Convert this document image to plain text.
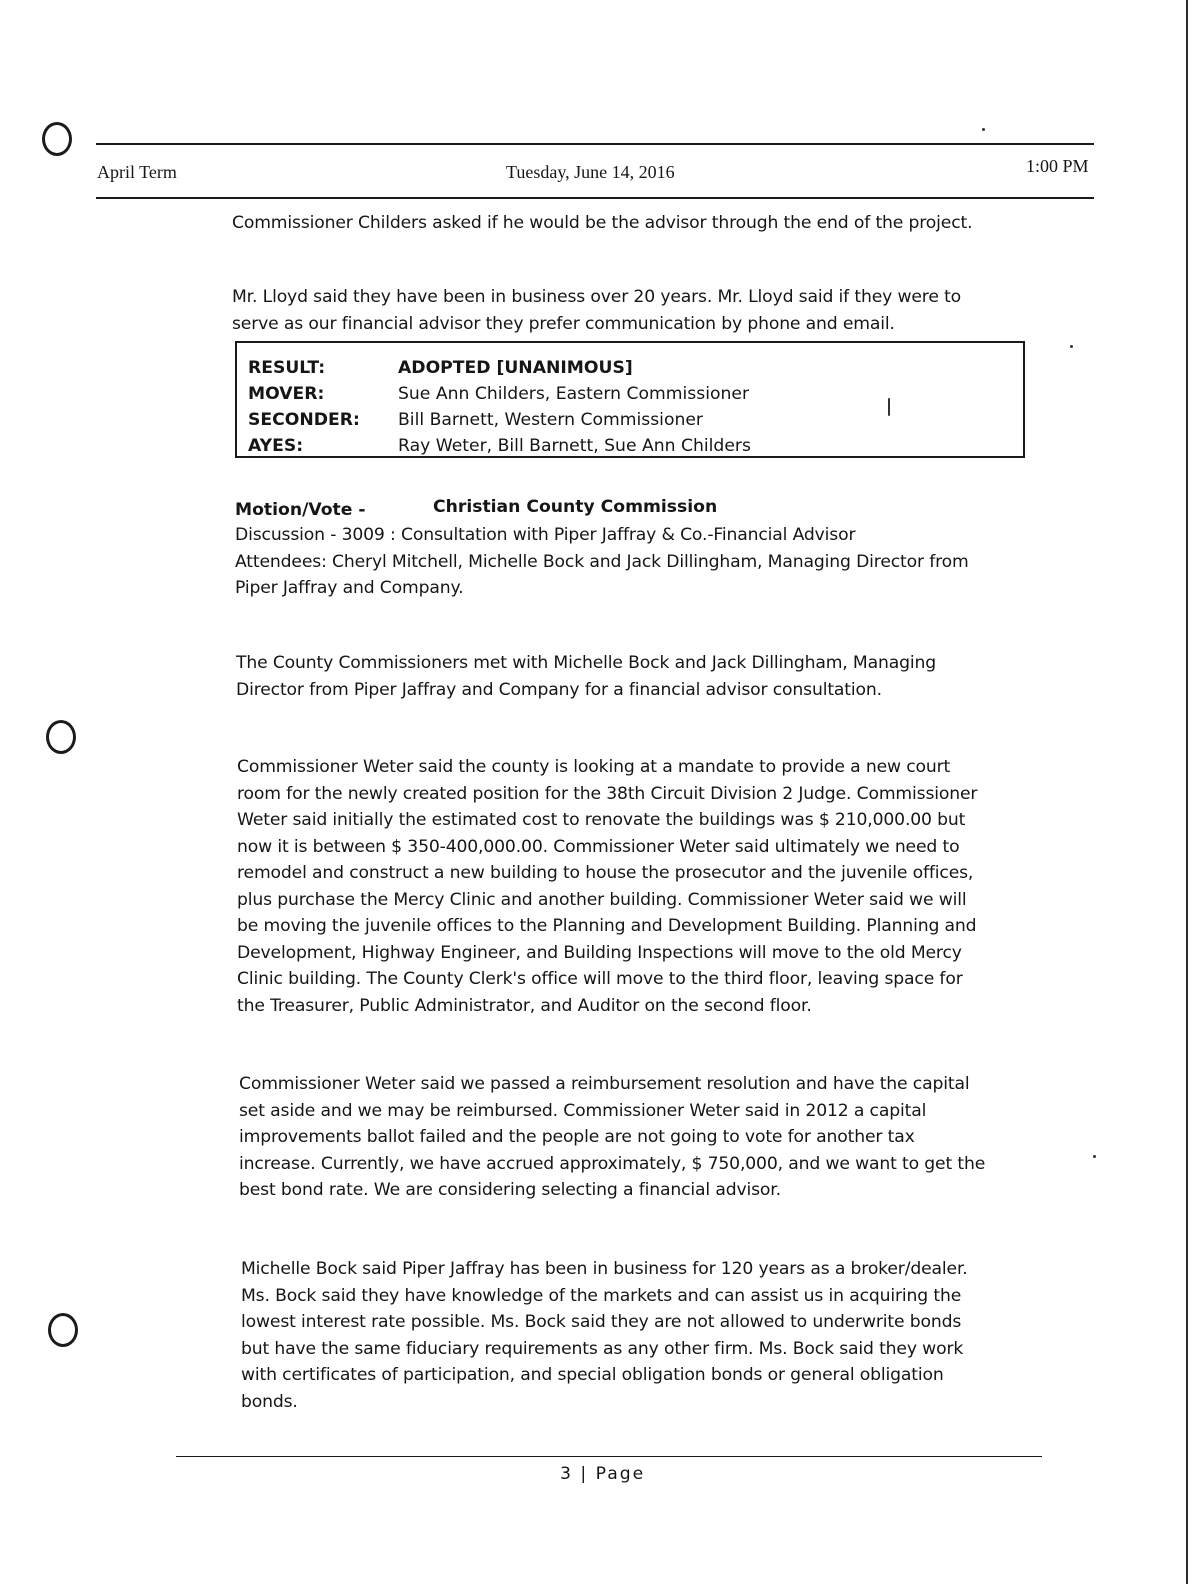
April Term	Tuesday, June 14, 2016	1:00 PM
Commissioner Childers asked if he would be the advisor through the end of the project.
Mr. Lloyd said they have been in business over 20 years. Mr. Lloyd said if they were to
serve as our financial advisor they prefer communication by phone and email.
RESULT:	ADOPTED [UNANIMOUS]
MOVER:	Sue Ann Childers, Eastern Commissioner
SECONDER: Bill Barnett, Western Commissioner
AYES:	Ray Weter, Bill Barnett, Sue Ann Childers
Motion/Vote -	Christian County Commission
Discussion - 3009 : Consultation with Piper Jaffray & Co.-Financial Advisor
Attendees: Cheryl Mitchell, Michelle Bock and Jack Dillingham, Managing Director from
Piper Jaffray and Company.
The County Commissioners met with Michelle Bock and Jack Dillingham, Managing
Director from Piper Jaffray and Company for a financial advisor consultation.
Commissioner Weter said the county is looking at a mandate to provide a new court
room for the newly created position for the 38th Circuit Division 2 Judge. Commissioner
Weter said initially the estimated cost to renovate the buildings was $ 210,000.00 but
now it is between $ 350-400,000.00. Commissioner Weter said ultimately we need to
remodel and construct a new building to house the prosecutor and the juvenile offices,
plus purchase the Mercy Clinic and another building. Commissioner Weter said we will
be moving the juvenile offices to the Planning and Development Building. Planning and
Development, Highway Engineer, and Building Inspections will move to the old Mercy
Clinic building. The County Clerk's office will move to the third floor, leaving space for
the Treasurer, Public Administrator, and Auditor on the second floor.
Commissioner Weter said we passed a reimbursement resolution and have the capital
set aside and we may be reimbursed. Commissioner Weter said in 2012 a capital
improvements ballot failed and the people are not going to vote for another tax
increase. Currently, we have accrued approximately, $ 750,000, and we want to get the
best bond rate. We are considering selecting a financial advisor.
Michelle Bock said Piper Jaffray has been in business for 120 years as a broker/dealer.
Ms. Bock said they have knowledge of the markets and can assist us in acquiring the
lowest interest rate possible. Ms. Bock said they are not allowed to underwrite bonds
but have the same fiduciary requirements as any other firm. Ms. Bock said they work
with certificates of participation, and special obligation bonds or general obligation
bonds.
3 | Page
